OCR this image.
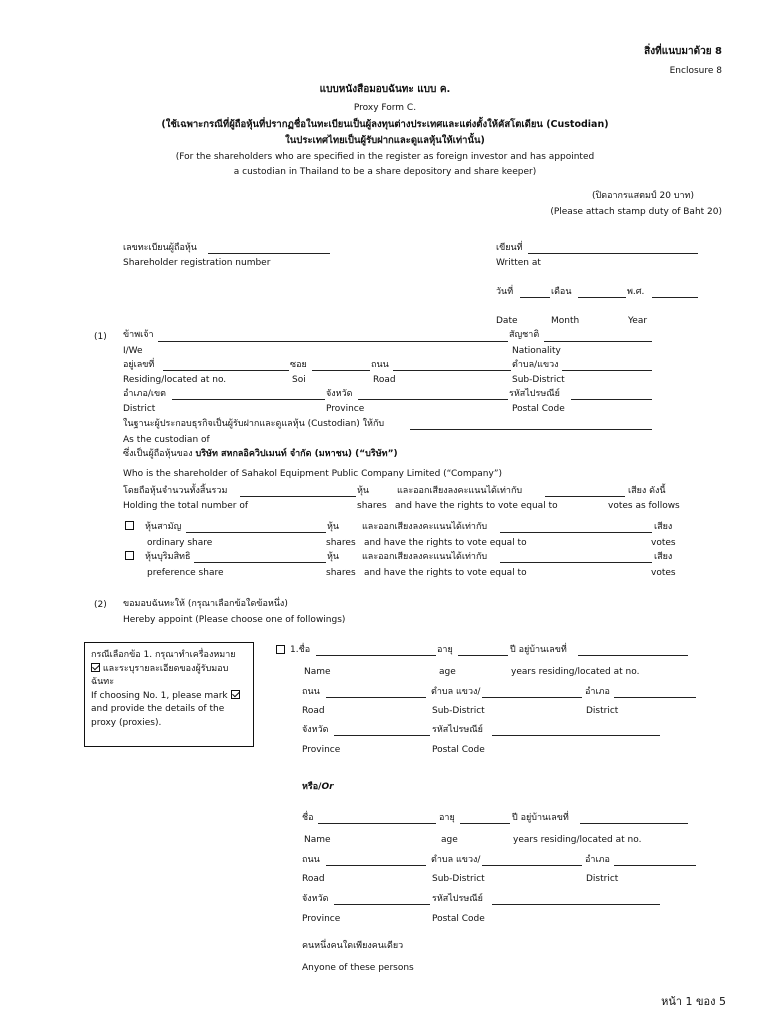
สิ่งที่แนบมาด้วย 8
Enclosure 8
แบบหนังสือมอบฉันทะ แบบ ค.
Proxy Form C.
(ใช้เฉพาะกรณีที่ผู้ถือหุ้นที่ปรากฏชื่อในทะเบียนเป็นผู้ลงทุนต่างประเทศและแต่งตั้งให้คัสโตเดียน (Custodian)
ในประเทศไทยเป็นผู้รับฝากและดูแลหุ้นให้เท่านั้น)
(For the shareholders who are specified in the register as foreign investor and has appointed
a custodian in Thailand to be a share depository and share keeper)
(ปิดอากรแสตมป์ 20 บาท)
(Please attach stamp duty of Baht 20)
เลขทะเบียนผู้ถือหุ้น
Shareholder registration number
เขียนที่
Written at
วันที่	เดือน	พ.ศ.
Date	Month	Year
(1) ข้าพเจ้า	สัญชาติ
I/We	Nationality
อยู่เลขที่	ซอย	ถนน	ตำบล/แขวง
Residing/located at no.	Soi	Road	Sub-District
อำเภอ/เขต	จังหวัด	รหัสไปรษณีย์
District	Province	Postal Code
ในฐานะผู้ประกอบธุรกิจเป็นผู้รับฝากและดูแลหุ้น (Custodian) ให้กับ
As the custodian of
ซึ่งเป็นผู้ถือหุ้นของ บริษัท สหกลอิควิปเมนท์ จำกัด (มหาชน) (“บริษัท”)
Who is the shareholder of Sahakol Equipment Public Company Limited (“Company”)
โดยถือหุ้นจำนวนทั้งสิ้นรวม	หุ้น	และออกเสียงลงคะแนนได้เท่ากับ	เสียง ดังนี้
Holding the total number of	shares and have the rights to vote equal to	votes as follows
หุ้นสามัญ	หุ้น	และออกเสียงลงคะแนนได้เท่ากับ	เสียง
ordinary share	shares and have the rights to vote equal to	votes
หุ้นบุริมสิทธิ	หุ้น	และออกเสียงลงคะแนนได้เท่ากับ	เสียง
preference share	shares and have the rights to vote equal to	votes
(2) ขอมอบฉันทะให้ (กรุณาเลือกข้อใดข้อหนึ่ง)
Hereby appoint (Please choose one of followings)
กรณีเลือกข้อ 1. กรุณาทำเครื่องหมาย
และระบุรายละเอียดของผู้รับมอบ
ฉันทะ
If choosing No. 1, please mark
and provide the details of the
proxy (proxies).
1.ชื่อ	อายุ	ปี อยู่บ้านเลขที่
Name	age	years residing/located at no.
ถนน	ตำบล แขวง/	อำเภอ
Road	Sub-District	District
จังหวัด	รหัสไปรษณีย์
Province	Postal Code
หรือ/Or
ชื่อ	อายุ	ปี อยู่บ้านเลขที่
Name	age	years residing/located at no.
ถนน	ตำบล แขวง/	อำเภอ
Road	Sub-District	District
จังหวัด	รหัสไปรษณีย์
Province	Postal Code
คนหนึ่งคนใดเพียงคนเดียว
Anyone of these persons
หน้า 1 ของ 5
